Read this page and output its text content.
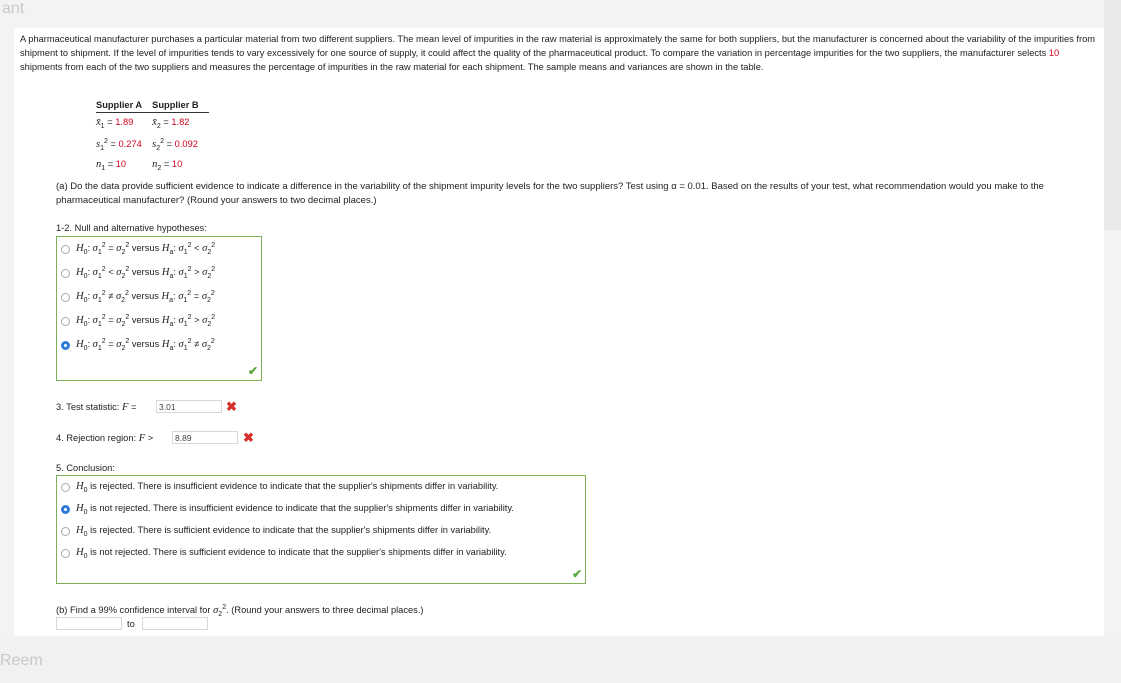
ant
Reem
A pharmaceutical manufacturer purchases a particular material from two different suppliers. The mean level of impurities in the raw material is approximately the same for both suppliers, but the manufacturer is concerned about the variability of the impurities from shipment to shipment. If the level of impurities tends to vary excessively for one source of supply, it could affect the quality of the pharmaceutical product. To compare the variation in percentage impurities for the two suppliers, the manufacturer selects 10 shipments from each of the two suppliers and measures the percentage of impurities in the raw material for each shipment. The sample means and variances are shown in the table.
Supplier A	Supplier B
$x̄_1 = 1.89$	$x̄_2 = 1.82$
$s_1^2 = 0.274$	$s_2^2 = 0.092$
$n_1 = 10$	$n_2 = 10$
(a) Do the data provide sufficient evidence to indicate a difference in the variability of the shipment impurity levels for the two suppliers? Test using α = 0.01. Based on the results of your test, what recommendation would you make to the pharmaceutical manufacturer? (Round your answers to two decimal places.)
1-2. Null and alternative hypotheses:
$H_0$: $\sigma_1^2 = \sigma_2^2$ versus $H_a$: $\sigma_1^2 < \sigma_2^2$
$H_0$: $\sigma_1^2 < \sigma_2^2$ versus $H_a$: $\sigma_1^2 > \sigma_2^2$
$H_0$: $\sigma_1^2 \ne \sigma_2^2$ versus $H_a$: $\sigma_1^2 = \sigma_2^2$
$H_0$: $\sigma_1^2 = \sigma_2^2$ versus $H_a$: $\sigma_1^2 > \sigma_2^2$
$H_0$: $\sigma_1^2 = \sigma_2^2$ versus $H_a$: $\sigma_1^2 \ne \sigma_2^2$
✔
3. Test statistic: F =	3.01	✖
4. Rejection region: F >	8.89	✖
5. Conclusion:
$H_0$ is rejected. There is insufficient evidence to indicate that the supplier's shipments differ in variability.
$H_0$ is not rejected. There is insufficient evidence to indicate that the supplier's shipments differ in variability.
$H_0$ is rejected. There is sufficient evidence to indicate that the supplier's shipments differ in variability.
$H_0$ is not rejected. There is sufficient evidence to indicate that the supplier's shipments differ in variability.
✔
(b) Find a 99% confidence interval for $\sigma_2^2$. (Round your answers to three decimal places.)
to
